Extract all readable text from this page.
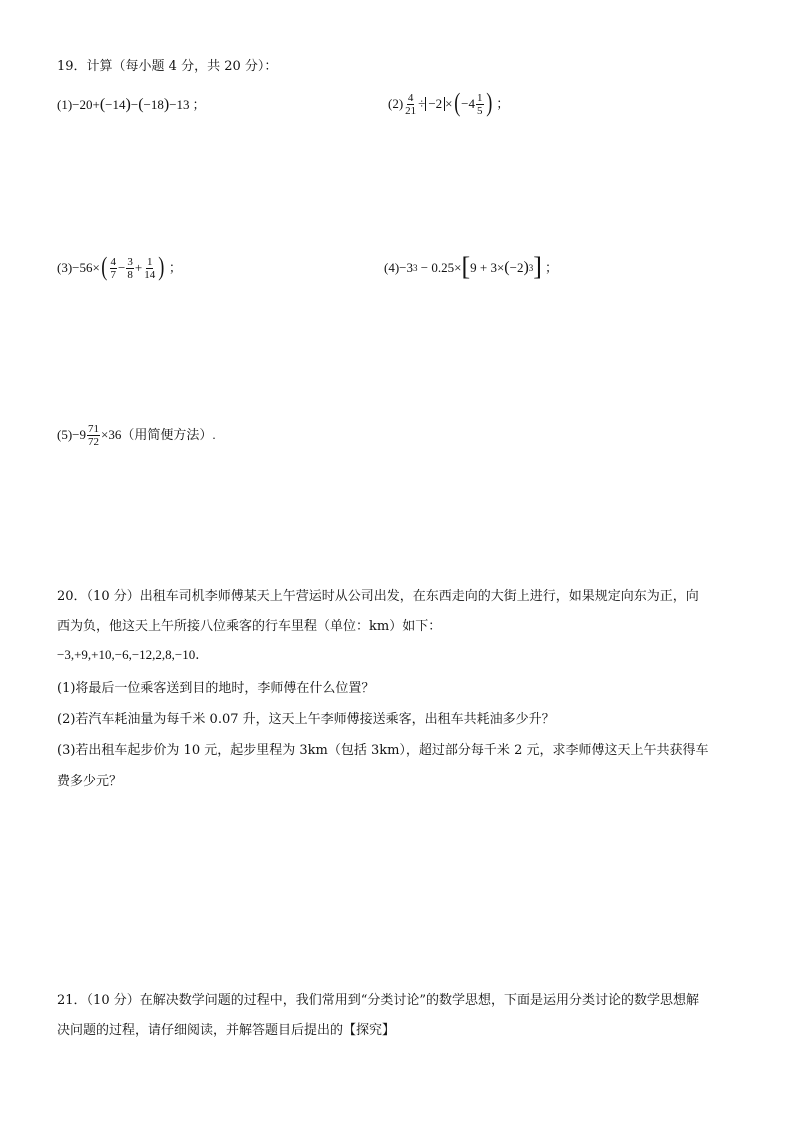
19．计算（每小题 4 分，共 20 分）：
(1) −20+ ( −14 ) − ( −18 ) −13 ；	$(2) \frac{4}{21} \div -2$ × ( $-4 \frac{1}{5}$ ) ；
(3) −56× ( $\frac{4}{7} - \frac{3}{8} + \frac{1}{14}$ ) ；	(4) −3 3 − 0.25× [ 9 + 3× ( −2 ) 3 ] ；
$(5) -9 \frac{71}{72} \times 36$（用简便方法）.
20．（10 分）出租车司机李师傅某天上午营运时从公司出发，在东西走向的大街上进行，如果规定向东为正，向
西为负，他这天上午所接八位乘客的行车里程（单位：km）如下：
−3,+9,+10,−6,−12,2,8,−10.
(1)将最后一位乘客送到目的地时，李师傅在什么位置？
(2)若汽车耗油量为每千米 0.07 升，这天上午李师傅接送乘客，出租车共耗油多少升？
(3)若出租车起步价为 10 元，起步里程为 3km（包括 3km），超过部分每千米 2 元，求李师傅这天上午共获得车
费多少元？
21．（10 分）在解决数学问题的过程中，我们常用到“分类讨论”的数学思想，下面是运用分类讨论的数学思想解
决问题的过程，请仔细阅读，并解答题目后提出的【探究】
